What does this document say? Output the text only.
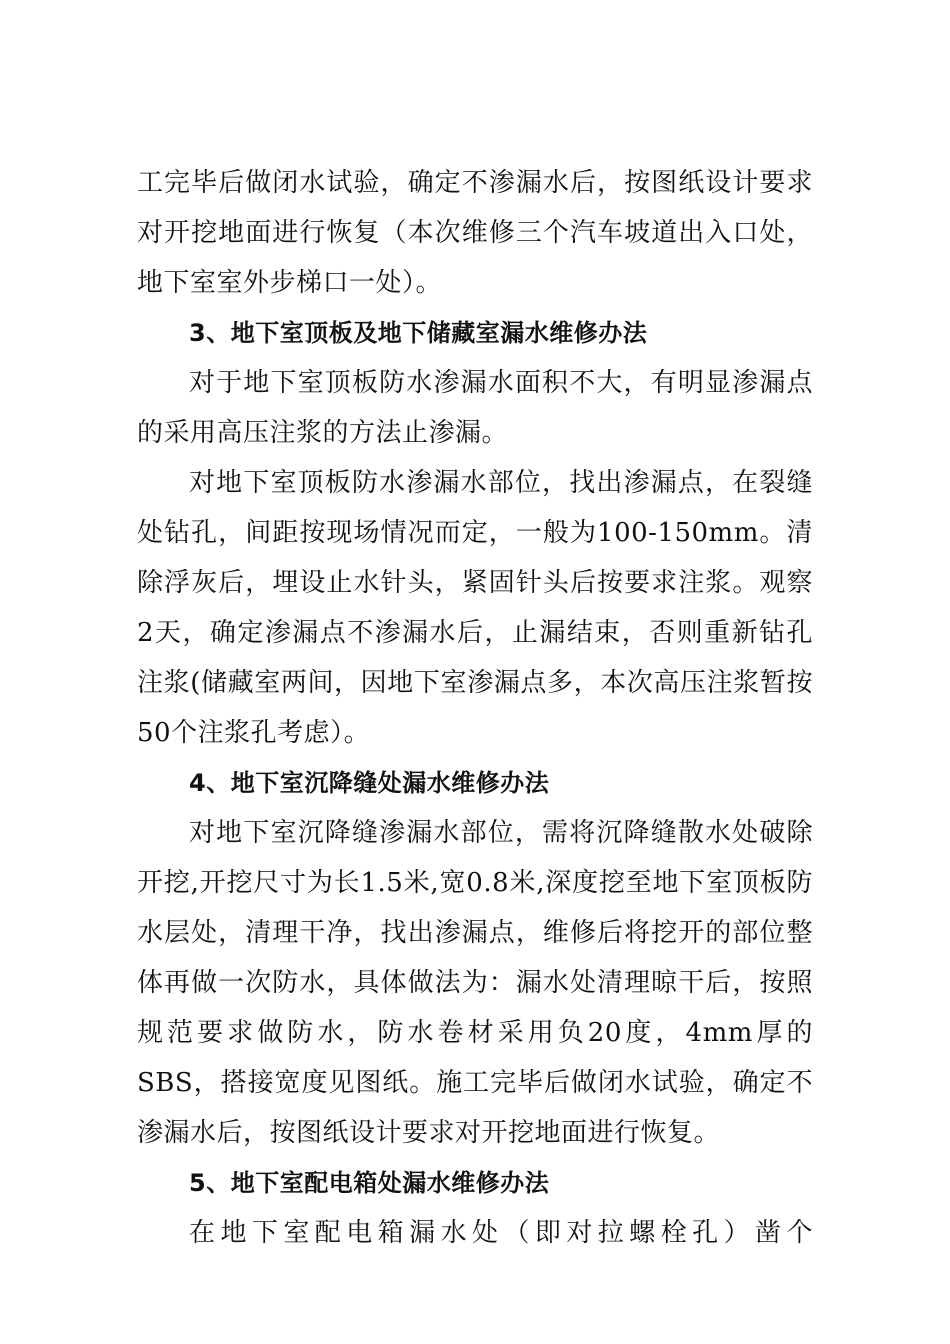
工完毕后做闭水试验，确定不渗漏水后，按图纸设计要求对开挖地面进行恢复（本次维修三个汽车坡道出入口处，地下室室外步梯口一处）。

3、地下室顶板及地下储藏室漏水维修办法

对于地下室顶板防水渗漏水面积不大，有明显渗漏点的采用高压注浆的方法止渗漏。

对地下室顶板防水渗漏水部位，找出渗漏点，在裂缝处钻孔，间距按现场情况而定，一般为100-150mm。清除浮灰后，埋设止水针头，紧固针头后按要求注浆。观察2天，确定渗漏点不渗漏水后，止漏结束，否则重新钻孔注浆(储藏室两间，因地下室渗漏点多，本次高压注浆暂按50个注浆孔考虑）。

4、地下室沉降缝处漏水维修办法

对地下室沉降缝渗漏水部位，需将沉降缝散水处破除开挖,开挖尺寸为长1.5米,宽0.8米,深度挖至地下室顶板防水层处，清理干净，找出渗漏点，维修后将挖开的部位整体再做一次防水，具体做法为：漏水处清理晾干后，按照规范要求做防水，防水卷材采用负20度，4mm厚的SBS，搭接宽度见图纸。施工完毕后做闭水试验，确定不渗漏水后，按图纸设计要求对开挖地面进行恢复。

5、地下室配电箱处漏水维修办法

在地下室配电箱漏水处（即对拉螺栓孔）凿个
